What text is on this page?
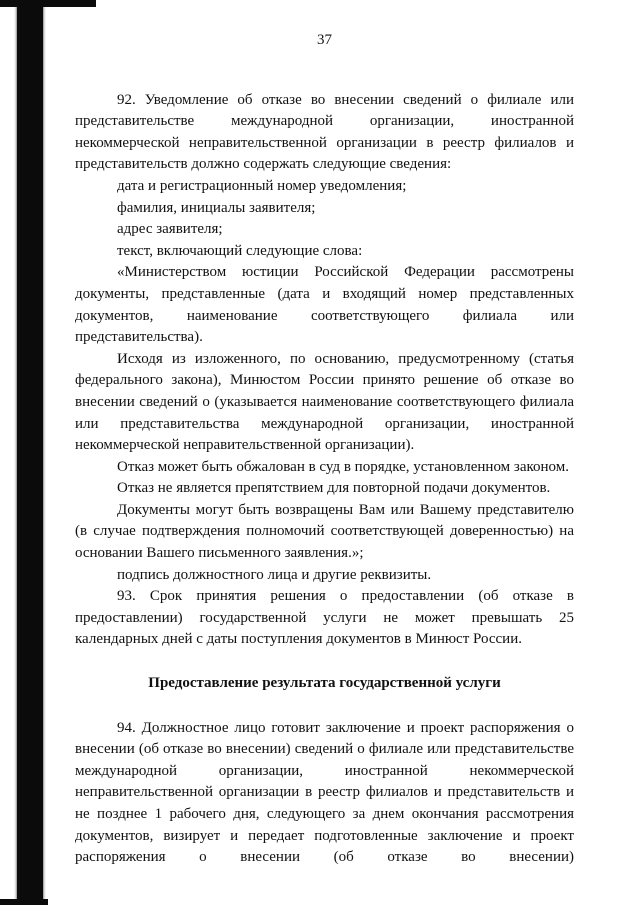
37

92. Уведомление об отказе во внесении сведений о филиале или представительстве международной организации, иностранной некоммерческой неправительственной организации в реестр филиалов и представительств должно содержать следующие сведения:

дата и регистрационный номер уведомления;

фамилия, инициалы заявителя;

адрес заявителя;

текст, включающий следующие слова:

«Министерством юстиции Российской Федерации рассмотрены документы, представленные (дата и входящий номер представленных документов, наименование соответствующего филиала или представительства).

Исходя из изложенного, по основанию, предусмотренному (статья федерального закона), Минюстом России принято решение об отказе во внесении сведений о (указывается наименование соответствующего филиала или представительства международной организации, иностранной некоммерческой неправительственной организации).

Отказ может быть обжалован в суд в порядке, установленном законом.

Отказ не является препятствием для повторной подачи документов.

Документы могут быть возвращены Вам или Вашему представителю (в случае подтверждения полномочий соответствующей доверенностью) на основании Вашего письменного заявления.»;

подпись должностного лица и другие реквизиты.

93. Срок принятия решения о предоставлении (об отказе в предоставлении) государственной услуги не может превышать 25 календарных дней с даты поступления документов в Минюст России.

Предоставление результата государственной услуги

94. Должностное лицо готовит заключение и проект распоряжения о внесении (об отказе во внесении) сведений о филиале или представительстве международной организации, иностранной некоммерческой неправительственной организации в реестр филиалов и представительств и не позднее 1 рабочего дня, следующего за днем окончания рассмотрения документов, визирует и передает подготовленные заключение и проект распоряжения о внесении (об отказе во внесении)
